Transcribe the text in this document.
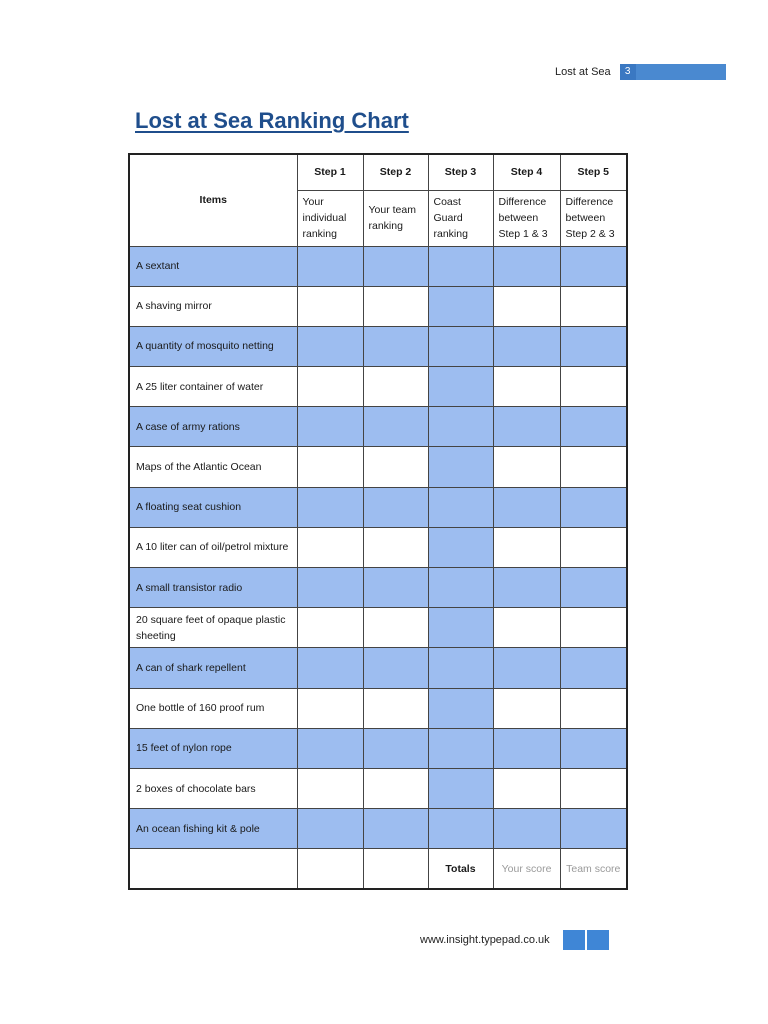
Lost at Sea	3
Lost at Sea Ranking Chart
Items	Step 1	Step 2	Step 3	Step 4	Step 5
	Your individual ranking	Your team ranking	Coast Guard ranking	Difference between Step 1 & 3	Difference between Step 2 & 3
A sextant					
A shaving mirror					
A quantity of mosquito netting					
A 25 liter container of water					
A case of army rations					
Maps of the Atlantic Ocean					
A floating seat cushion					
A 10 liter can of oil/petrol mixture					
A small transistor radio					
20 square feet of opaque plastic sheeting					
A can of shark repellent					
One bottle of 160 proof rum					
15 feet of nylon rope					
2 boxes of chocolate bars					
An ocean fishing kit & pole					
			Totals	Your score	Team score
www.insight.typepad.co.uk
